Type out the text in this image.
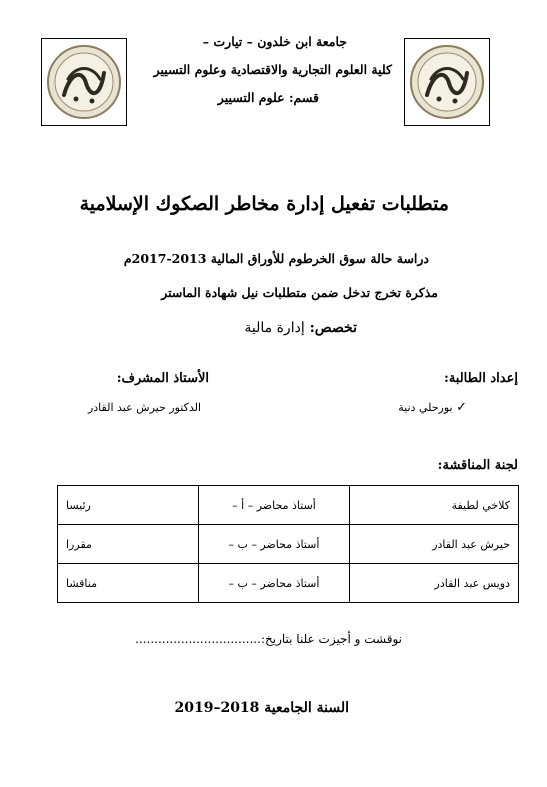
جامعة ابن خلدون – تيارت –
كلية العلوم التجارية والاقتصادية وعلوم التسيير
قسم: علوم التسيير
متطلبات تفعيل إدارة مخاطر الصكوك الإسلامية
دراسة حالة سوق الخرطوم للأوراق المالية 2013-2017م
مذكرة تخرج تدخل ضمن متطلبات نيل شهادة الماستر
تخصص: إدارة مالية
إعداد الطالبة:
✓ بورحلي دنية
الأستاذ المشرف:
الدكتور حيرش عبد القادر
لجنة المناقشة:
كلاخي لطيفة	أستاذ محاضر – أ –	رئيسا
حيرش عبد القادر	أستاذ محاضر – ب –	مقررا
دويس عبد القادر	أستاذ محاضر – ب –	مناقشا
نوقشت و أجيزت علنا بتاريخ:.................................
السنة الجامعية 2018–2019
